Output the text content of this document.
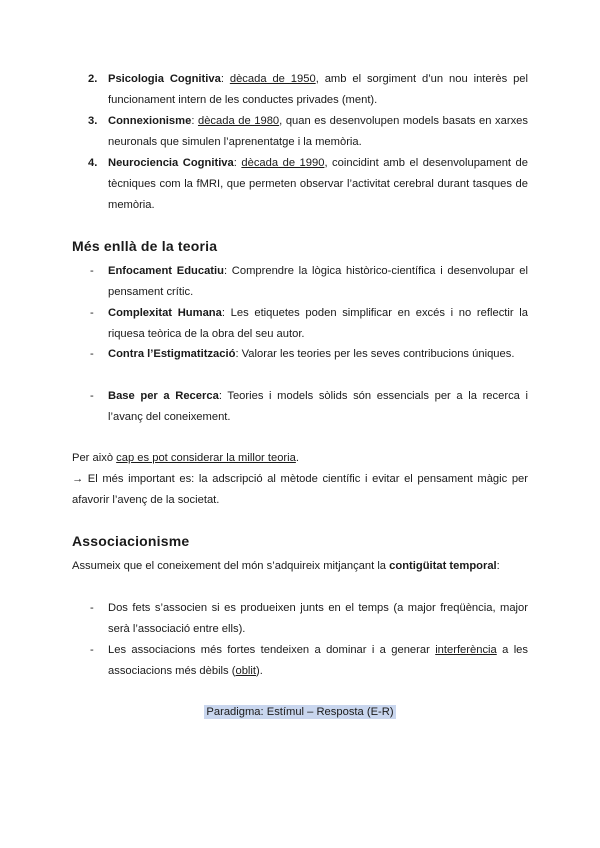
2. Psicologia Cognitiva: dècada de 1950, amb el sorgiment d’un nou interès pel funcionament intern de les conductes privades (ment).

3. Connexionisme: dècada de 1980, quan es desenvolupen models basats en xarxes neuronals que simulen l’aprenentatge i la memòria.

4. Neurociencia Cognitiva: dècada de 1990, coincidint amb el desenvolupament de tècniques com la fMRI, que permeten observar l’activitat cerebral durant tasques de memòria.

Més enllà de la teoria

- Enfocament Educatiu: Comprendre la lògica històrico-científica i desenvolupar el pensament crític.

- Complexitat Humana: Les etiquetes poden simplificar en excés i no reflectir la riquesa teòrica de la obra del seu autor.

- Contra l’Estigmatització: Valorar les teories per les seves contribucions úniques.

- Base per a Recerca: Teories i models sòlids són essencials per a la recerca i l’avanç del coneixement.

Per això cap es pot considerar la millor teoria.

→ El més important es: la adscripció al mètode científic i evitar el pensament màgic per afavorir l’avenç de la societat.

Associacionisme

Assumeix que el coneixement del món s’adquireix mitjançant la contigüitat temporal:

- Dos fets s’associen si es produeixen junts en el temps (a major freqüència, major serà l’associació entre ells).

- Les associacions més fortes tendeixen a dominar i a generar interferència a les associacions més dèbils (oblit).

Paradigma: Estímul – Resposta (E-R)
